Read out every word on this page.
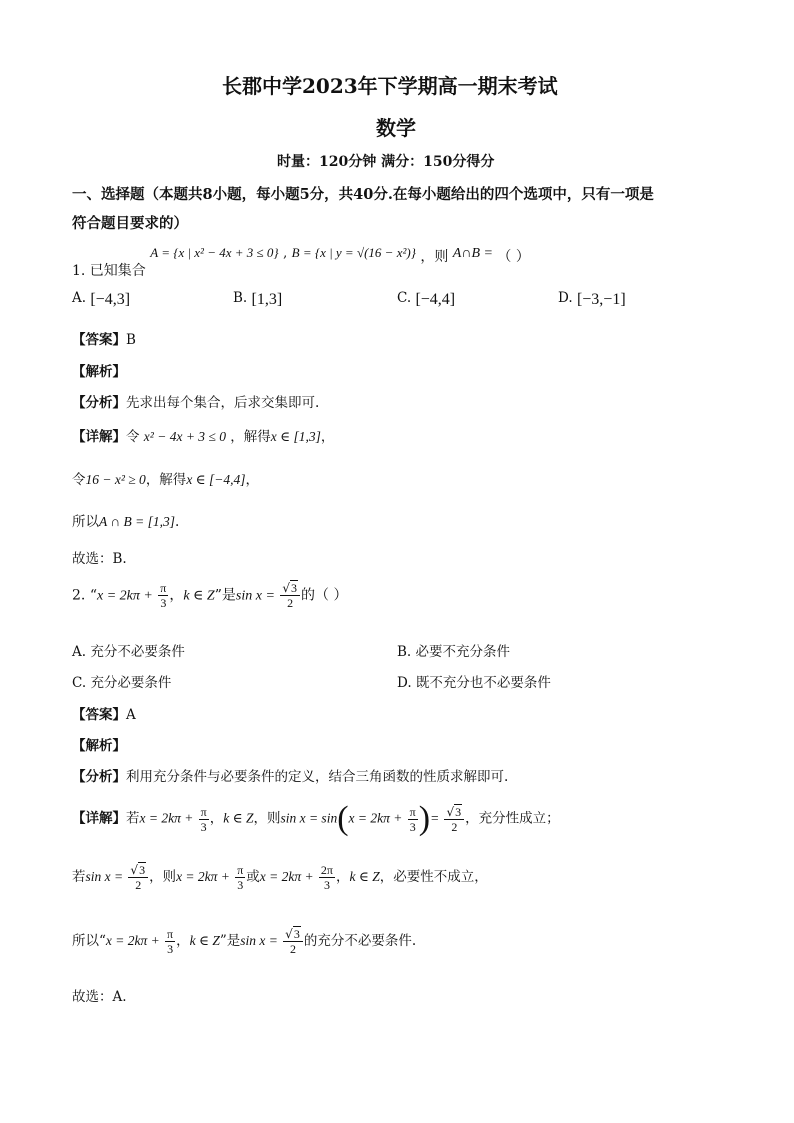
长郡中学2023年下学期高一期末考试
数学
时量：120分钟 满分：150分得分
一、选择题（本题共8小题，每小题5分，共40分.在每小题给出的四个选项中，只有一项是
符合题目要求的）
1. 已知集合 A = {x | x² − 4x + 3 ≤ 0} , B = {x | y = √(16 − x²)} ，则 A∩B = （ ）
A. [−4,3]	B. [1,3]	C. [−4,4]	D. [−3,−1]
【答案】B
【解析】
【分析】先求出每个集合，后求交集即可.
【详解】令 x² − 4x + 3 ≤ 0 ，解得x ∈ [1,3]，
令16 − x² ≥ 0，解得x ∈ [−4,4]，
所以A ∩ B = [1,3].
故选：B.
2. “$x = 2k\pi + \frac{\pi}{3}$ ，k ∈ Z”是$\sin x = \frac{√3}{2}$ 的（ ）
A. 充分不必要条件	B. 必要不充分条件
C. 充分必要条件	D. 既不充分也不必要条件
【答案】A
【解析】
【分析】利用充分条件与必要条件的定义，结合三角函数的性质求解即可.
【详解】若$x = 2k\pi + \frac{\pi}{3}$ ，k ∈ Z，则$\sin x = \sin(x = 2k\pi + \frac{\pi}{3}$ )= $\frac{√3}{2}$ ，充分性成立；
若$\sin x = \frac{√3}{2}$ ，则$x = 2k\pi + \frac{\pi}{3}$ 或$x = 2k\pi + \frac{2\pi}{3}$ ，k ∈ Z，必要性不成立，
所以“$x = 2k\pi + \frac{\pi}{3}$ ，k ∈ Z”是$\sin x = \frac{√3}{2}$ 的充分不必要条件.
故选：A.
